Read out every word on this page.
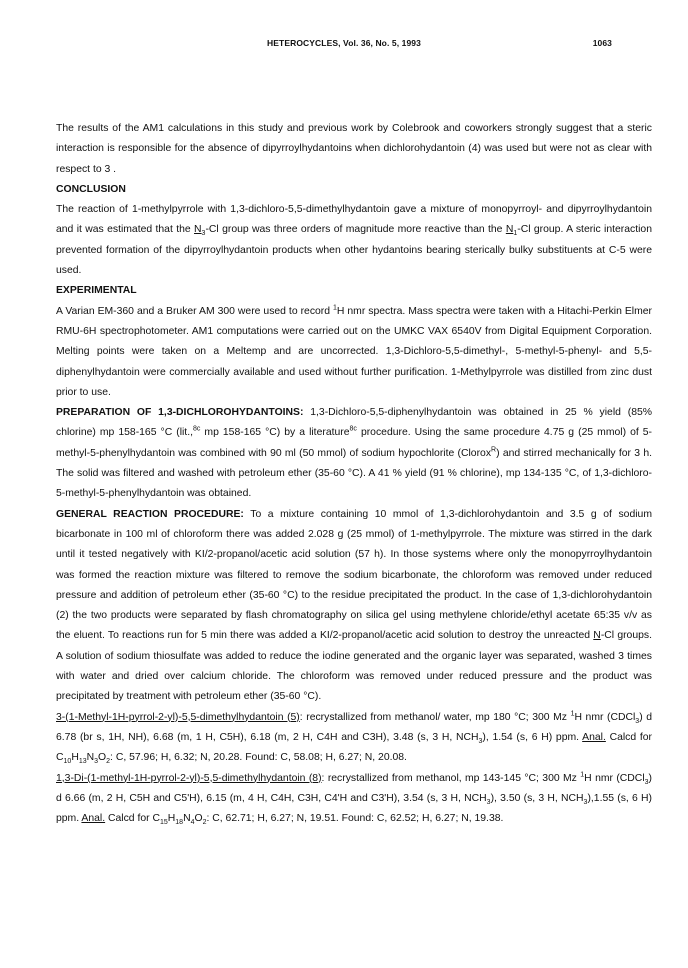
HETEROCYCLES, Vol. 36, No. 5, 1993	1063

The results of the AM1 calculations in this study and previous work by Colebrook and coworkers strongly suggest that a steric interaction is responsible for the absence of dipyrroylhydantoins when dichlorohydantoin (4) was used but were not as clear with respect to 3 .

CONCLUSION

The reaction of 1-methylpyrrole with 1,3-dichloro-5,5-dimethylhydantoin gave a mixture of monopyrroyl- and dipyrroylhydantoin and it was estimated that the $N_3-Cl$ group was three orders of magnitude more reactive than the $N_1-Cl$ group. A steric interaction prevented formation of the dipyrroylhydantoin products when other hydantoins bearing sterically bulky substituents at C-5 were used.

EXPERIMENTAL

A Varian EM-360 and a Bruker AM 300 were used to record $^1$H nmr spectra. Mass spectra were taken with a Hitachi-Perkin Elmer RMU-6H spectrophotometer. AM1 computations were carried out on the UMKC VAX 6540V from Digital Equipment Corporation. Melting points were taken on a Meltemp and are uncorrected. 1,3-Dichloro-5,5-dimethyl-, 5-methyl-5-phenyl- and 5,5-diphenylhydantoin were commercially available and used without further purification. 1-Methylpyrrole was distilled from zinc dust prior to use.

PREPARATION OF 1,3-DICHLOROHYDANTOINS: 1,3-Dichloro-5,5-diphenylhydantoin was obtained in 25 % yield (85% chlorine) mp 158-165 °C (lit.,$^{8c}$ mp 158-165 °C) by a literature$^{8c}$ procedure. Using the same procedure 4.75 g (25 mmol) of 5-methyl-5-phenylhydantoin was combined with 90 ml (50 mmol) of sodium hypochlorite (Clorox$^R$) and stirred mechanically for 3 h. The solid was filtered and washed with petroleum ether (35-60 °C). A 41 % yield (91 % chlorine), mp 134-135 °C, of 1,3-dichloro-5-methyl-5-phenylhydantoin was obtained.

GENERAL REACTION PROCEDURE: To a mixture containing 10 mmol of 1,3-dichlorohydantoin and 3.5 g of sodium bicarbonate in 100 ml of chloroform there was added 2.028 g (25 mmol) of 1-methylpyrrole. The mixture was stirred in the dark until it tested negatively with KI/2-propanol/acetic acid solution (57 h). In those systems where only the monopyrroylhydantoin was formed the reaction mixture was filtered to remove the sodium bicarbonate, the chloroform was removed under reduced pressure and addition of petroleum ether (35-60 °C) to the residue precipitated the product. In the case of 1,3-dichlorohydantoin (2) the two products were separated by flash chromatography on silica gel using methylene chloride/ethyl acetate 65:35 v/v as the eluent. To reactions run for 5 min there was added a KI/2-propanol/acetic acid solution to destroy the unreacted N-Cl groups. A solution of sodium thiosulfate was added to reduce the iodine generated and the organic layer was separated, washed 3 times with water and dried over calcium chloride. The chloroform was removed under reduced pressure and the product was precipitated by treatment with petroleum ether (35-60 °C).

3-(1-Methyl-1H-pyrrol-2-yl)-5,5-dimethylhydantoin (5): recrystallized from methanol/ water, mp 180 °C; 300 Mz $^1$H nmr (CDCl$_3$) d 6.78 (br s, 1H, NH), 6.68 (m, 1 H, C5H), 6.18 (m, 2 H, C4H and C3H), 3.48 (s, 3 H, $NCH_3$), 1.54 (s, 6 H) ppm. Anal. Calcd for $C_{10}H_{13}N_3O_2$: C, 57.96; H, 6.32; N, 20.28. Found: C, 58.08; H, 6.27; N, 20.08.

1,3-Di-(1-methyl-1H-pyrrol-2-yl)-5,5-dimethylhydantoin (8): recrystallized from methanol, mp 143-145 °C; 300 Mz $^1$H nmr (CDCl$_3$) d 6.66 (m, 2 H, C5H and C5'H), 6.15 (m, 4 H, C4H, C3H, C4'H and C3'H), 3.54 (s, 3 H, $NCH_3$), 3.50 (s, 3 H, $NCH_3),1.55$ (s, 6 H) ppm. Anal. Calcd for $C_{15}H_{18}N_4O_2$: C, 62.71; H, 6.27; N, 19.51. Found: C, 62.52; H, 6.27; N, 19.38.
